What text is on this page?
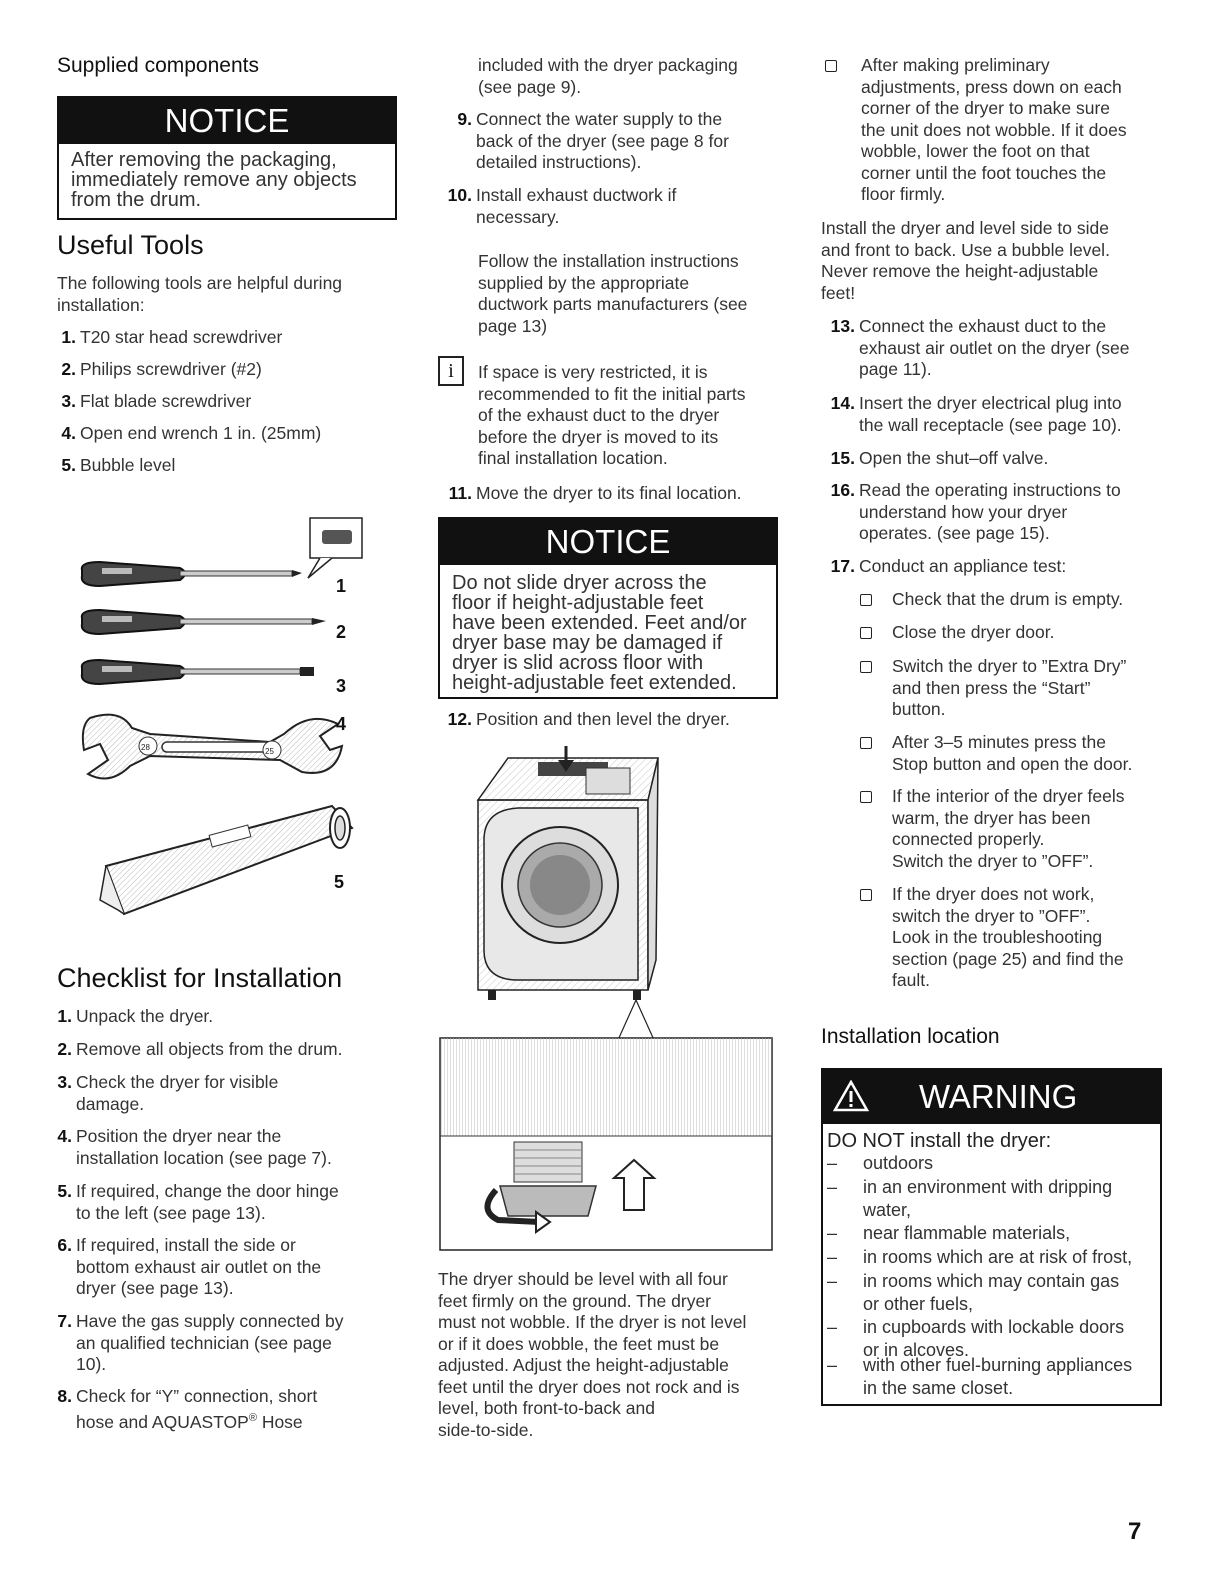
Supplied components
NOTICE
After removing the packaging,
immediately remove any objects
from the drum.
Useful Tools

The following tools are helpful during
installation:

1. T20 star head screwdriver
2. Philips screwdriver (#2)
3. Flat blade screwdriver
4. Open end wrench 1 in. (25mm)
5. Bubble level
1
2
3
28	25
4
5
Checklist for Installation
1. Unpack the dryer.
2. Remove all objects from the drum.
3. Check the dryer for visible
damage.
4. Position the dryer near the
installation location (see page 7).
5. If required, change the door hinge
to the left (see page 13).
6. If required, install the side or
bottom exhaust air outlet on the
dryer (see page 13).
7. Have the gas supply connected by
an qualified technician (see page
10).
8. Check for “Y” connection, short
hose and AQUASTOP® Hose

included with the dryer packaging
(see page 9).

9. Connect the water supply to the
back of the dryer (see page 8 for
detailed instructions).
10. Install exhaust ductwork if
necessary.

Follow the installation instructions
supplied by the appropriate
ductwork parts manufacturers (see
page 13)

i	If space is very restricted, it is
recommended to fit the initial parts
of the exhaust duct to the dryer
before the dryer is moved to its
final installation location.

11. Move the dryer to its final location.
NOTICE
Do not slide dryer across the
floor if height-adjustable feet
have been extended. Feet and/or
dryer base may be damaged if
dryer is slid across floor with
height-adjustable feet extended.
12. Position and then level the dryer.

The dryer should be level with all four
feet firmly on the ground. The dryer
must not wobble. If the dryer is not level
or if it does wobble, the feet must be
adjusted. Adjust the height-adjustable
feet until the dryer does not rock and is
level, both front-to-back and
side-to-side.

After making preliminary
adjustments, press down on each
corner of the dryer to make sure
the unit does not wobble. If it does
wobble, lower the foot on that
corner until the foot touches the
floor firmly.

Install the dryer and level side to side
and front to back. Use a bubble level.
Never remove the height-adjustable
feet!

13. Connect the exhaust duct to the
exhaust air outlet on the dryer (see
page 11).
14. Insert the dryer electrical plug into
the wall receptacle (see page 10).
15. Open the shut–off valve.
16. Read the operating instructions to
understand how your dryer
operates. (see page 15).
17. Conduct an appliance test:
Check that the drum is empty.
Close the dryer door.
Switch the dryer to ”Extra Dry”
and then press the “Start”
button.
After 3–5 minutes press the
Stop button and open the door.
If the interior of the dryer feels
warm, the dryer has been
connected properly.
Switch the dryer to ”OFF”.
If the dryer does not work,
switch the dryer to ”OFF”.
Look in the troubleshooting
section (page 25) and find the
fault.
Installation location
WARNING
DO NOT install the dryer:
– outdoors
– in an environment with dripping
water,
– near flammable materials,
– in rooms which are at risk of frost,
– in rooms which may contain gas
or other fuels,
– in cupboards with lockable doors
or in alcoves.
– with other fuel-burning appliances
in the same closet.
7
